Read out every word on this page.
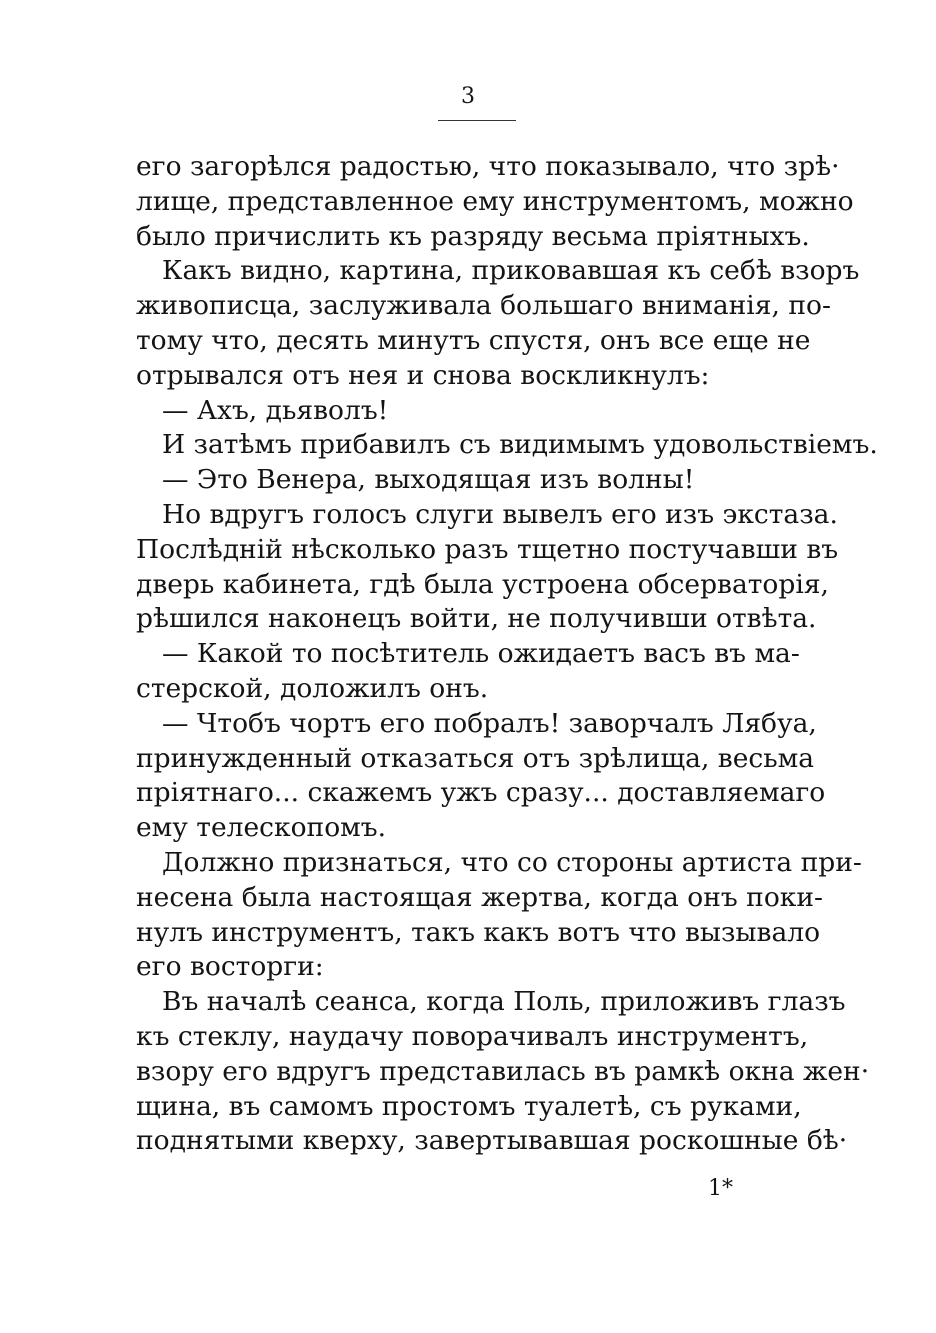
3
его загорѣлся радостью, что показывало, что зрѣ·
лище, представленное ему инструментомъ, можно
было причислить къ разряду весьма пріятныхъ.
Какъ видно, картина, приковавшая къ себѣ взоръ
живописца, заслуживала большаго вниманія, по-
тому что, десять минутъ спустя, онъ все еще не
отрывался отъ нея и снова воскликнулъ:
— Ахъ, дьяволъ!
И затѣмъ прибавилъ съ видимымъ удовольствіемъ.
— Это Венера, выходящая изъ волны!
Но вдругъ голосъ слуги вывелъ его изъ экстаза.
Послѣдній нѣсколько разъ тщетно постучавши въ
дверь кабинета, гдѣ была устроена обсерваторія,
рѣшился наконецъ войти, не получивши отвѣта.
— Какой то посѣтитель ожидаетъ васъ въ ма-
стерской, доложилъ онъ.
— Чтобъ чортъ его побралъ! заворчалъ Лябуа,
принужденный отказаться отъ зрѣлища, весьма
пріятнаго... скажемъ ужъ сразу... доставляемаго
ему телескопомъ.
Должно признаться, что со стороны артиста при-
несена была настоящая жертва, когда онъ поки-
нулъ инструментъ, такъ какъ вотъ что вызывало
его восторги:
Въ началѣ сеанса, когда Поль, приложивъ глазъ
къ стеклу, наудачу поворачивалъ инструментъ,
взору его вдругъ представилась въ рамкѣ окна жен·
щина, въ самомъ простомъ туалетѣ, съ руками,
поднятыми кверху, завертывавшая роскошные бѣ·
1*
